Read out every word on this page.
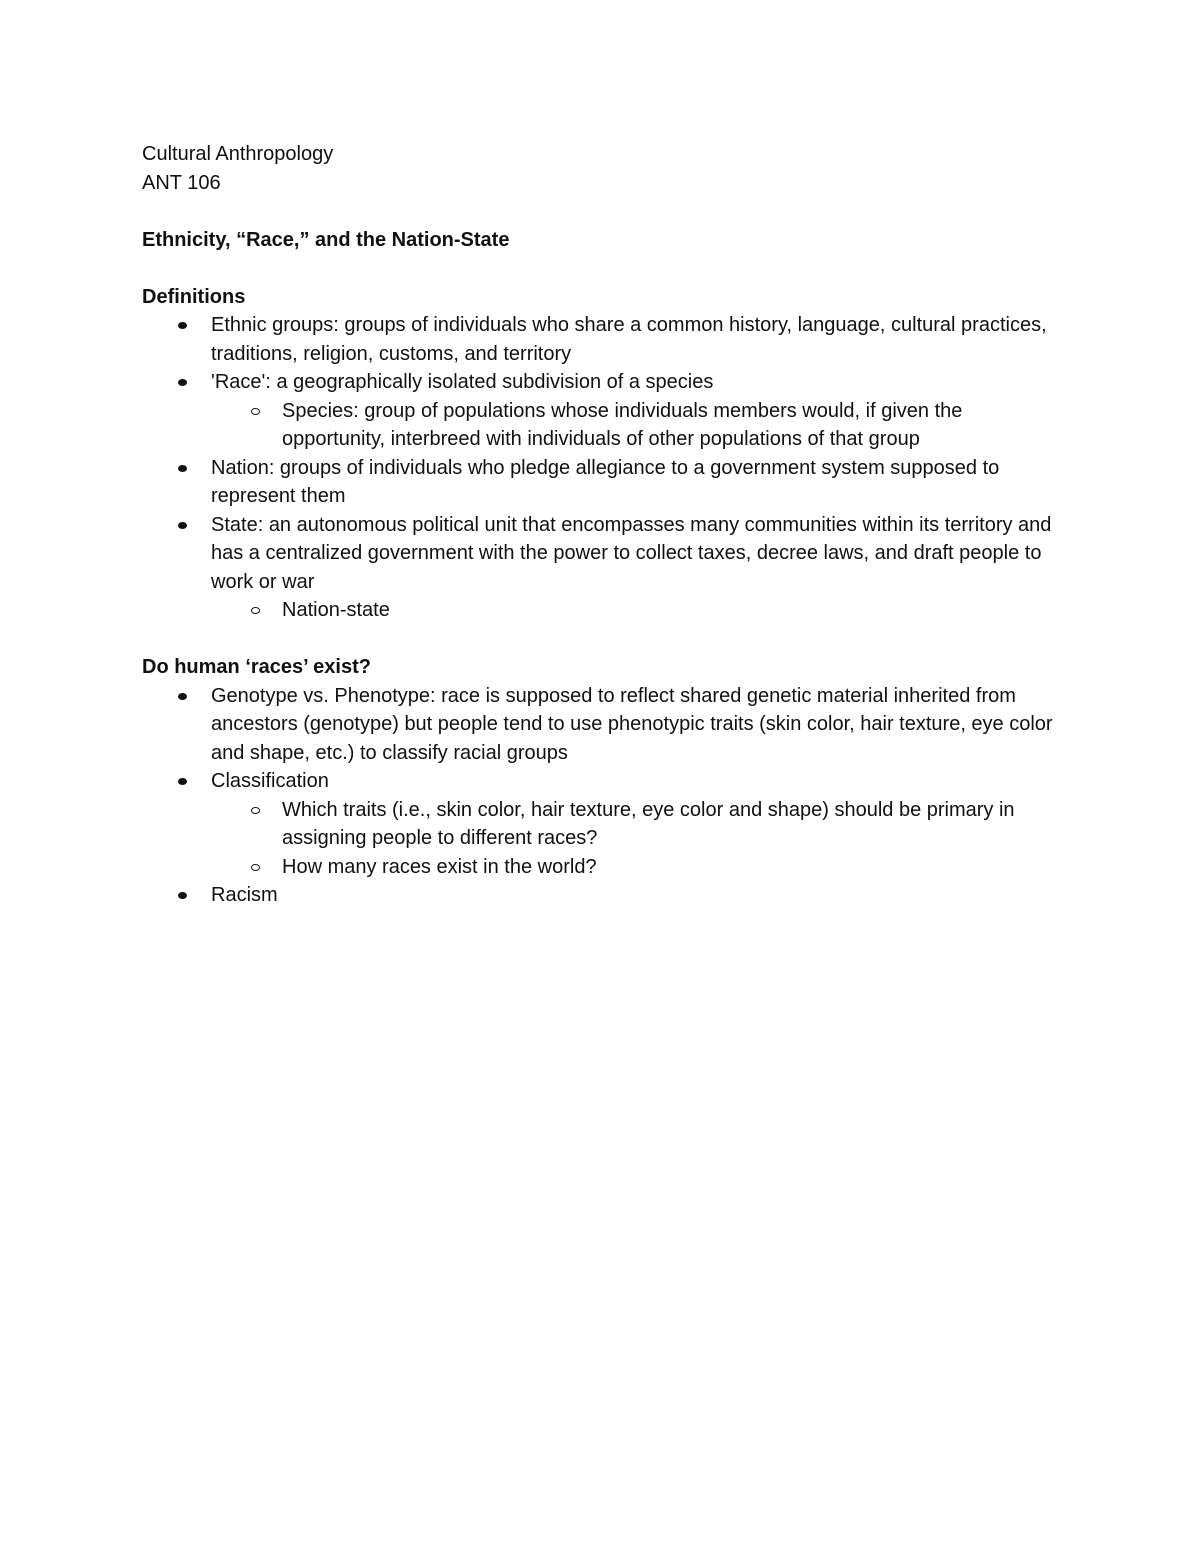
Cultural Anthropology

ANT 106

Ethnicity, “Race,” and the Nation-State

Definitions

Ethnic groups: groups of individuals who share a common history, language, cultural practices, traditions, religion, customs, and territory
'Race': a geographically isolated subdivision of a species
Species: group of populations whose individuals members would, if given the opportunity, interbreed with individuals of other populations of that group
Nation: groups of individuals who pledge allegiance to a government system supposed to represent them
State: an autonomous political unit that encompasses many communities within its territory and has a centralized government with the power to collect taxes, decree laws, and draft people to work or war
Nation-state

Do human ‘races’ exist?

Genotype vs. Phenotype: race is supposed to reflect shared genetic material inherited from ancestors (genotype) but people tend to use phenotypic traits (skin color, hair texture, eye color and shape, etc.) to classify racial groups
Classification
Which traits (i.e., skin color, hair texture, eye color and shape) should be primary in assigning people to different races?
How many races exist in the world?
Racism
